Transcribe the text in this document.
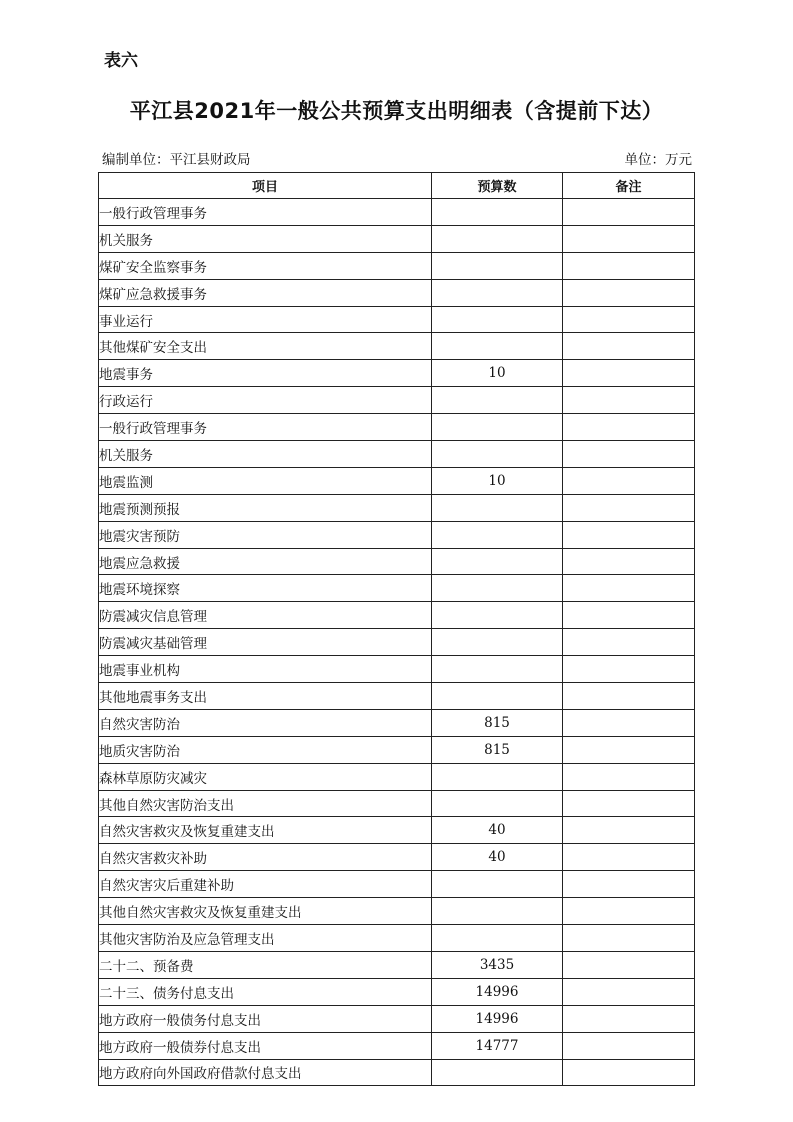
表六
平江县2021年一般公共预算支出明细表（含提前下达）
编制单位：平江县财政局	单位：万元
项目	预算数	备注
一般行政管理事务		
机关服务		
煤矿安全监察事务		
煤矿应急救援事务		
事业运行		
其他煤矿安全支出		
地震事务	10	
行政运行		
一般行政管理事务		
机关服务		
地震监测	10	
地震预测预报		
地震灾害预防		
地震应急救援		
地震环境探察		
防震减灾信息管理		
防震减灾基础管理		
地震事业机构		
其他地震事务支出		
自然灾害防治	815	
地质灾害防治	815	
森林草原防灾减灾		
其他自然灾害防治支出		
自然灾害救灾及恢复重建支出	40	
自然灾害救灾补助	40	
自然灾害灾后重建补助		
其他自然灾害救灾及恢复重建支出		
其他灾害防治及应急管理支出		
二十二、预备费	3435	
二十三、债务付息支出	14996	
地方政府一般债务付息支出	14996	
地方政府一般债券付息支出	14777	
地方政府向外国政府借款付息支出		
